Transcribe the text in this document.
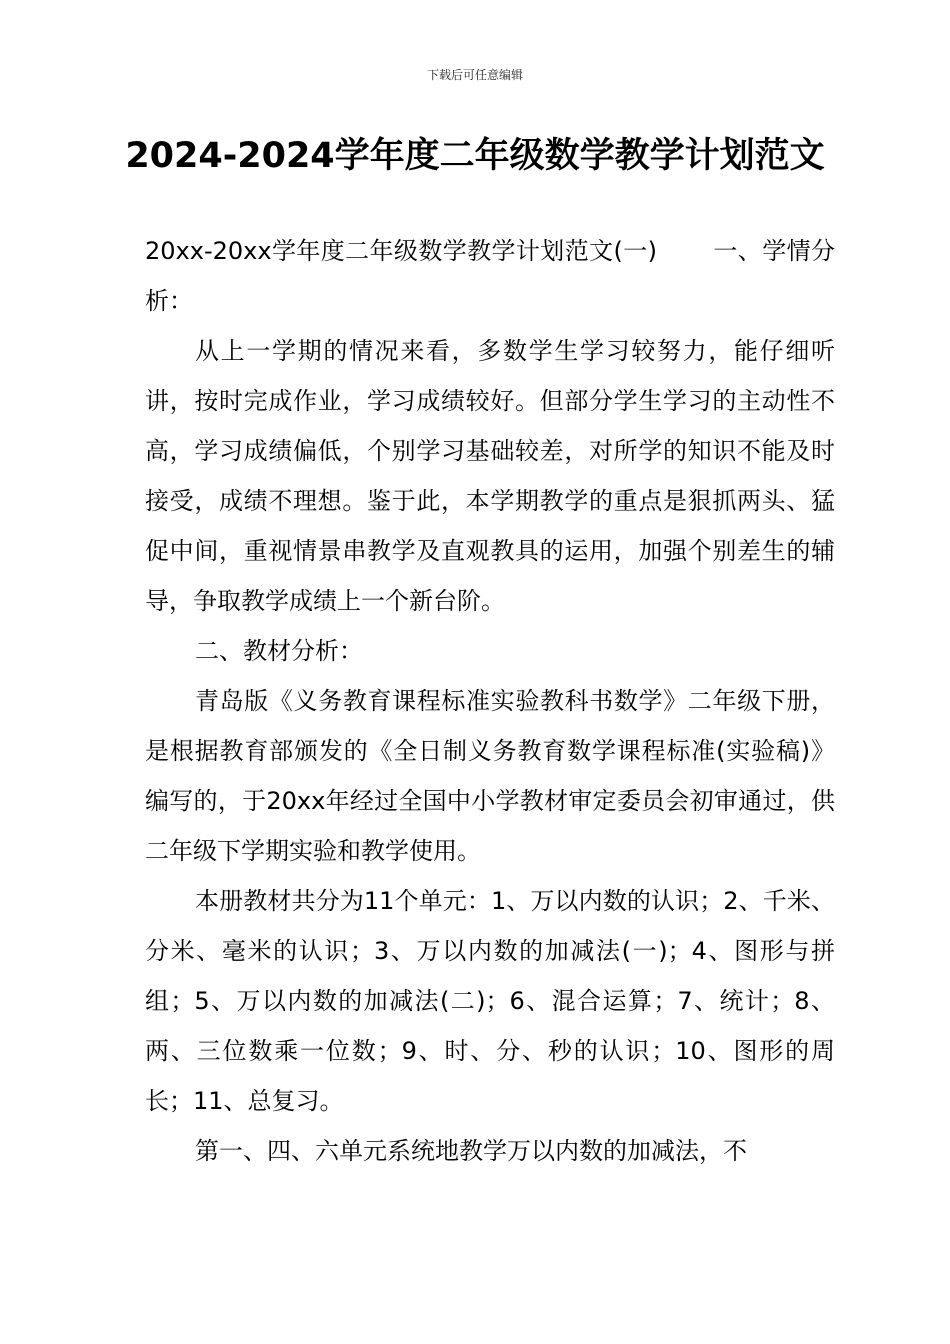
下载后可任意编辑
2024-2024学年度二年级数学教学计划范文

20xx-20xx学年度二年级数学教学计划范文(一) 一、学情分析：

从上一学期的情况来看，多数学生学习较努力，能仔细听讲，按时完成作业，学习成绩较好。但部分学生学习的主动性不高，学习成绩偏低，个别学习基础较差，对所学的知识不能及时接受，成绩不理想。鉴于此，本学期教学的重点是狠抓两头、猛促中间，重视情景串教学及直观教具的运用，加强个别差生的辅导，争取教学成绩上一个新台阶。

二、教材分析：

青岛版《义务教育课程标准实验教科书数学》二年级下册，是根据教育部颁发的《全日制义务教育数学课程标准(实验稿)》编写的，于20xx年经过全国中小学教材审定委员会初审通过，供二年级下学期实验和教学使用。

本册教材共分为11个单元：1、万以内数的认识；2、千米、分米、毫米的认识；3、万以内数的加减法(一)；4、图形与拼组；5、万以内数的加减法(二)；6、混合运算；7、统计；8、两、三位数乘一位数；9、时、分、秒的认识；10、图形的周长；11、总复习。

第一、四、六单元系统地教学万以内数的加减法，不
